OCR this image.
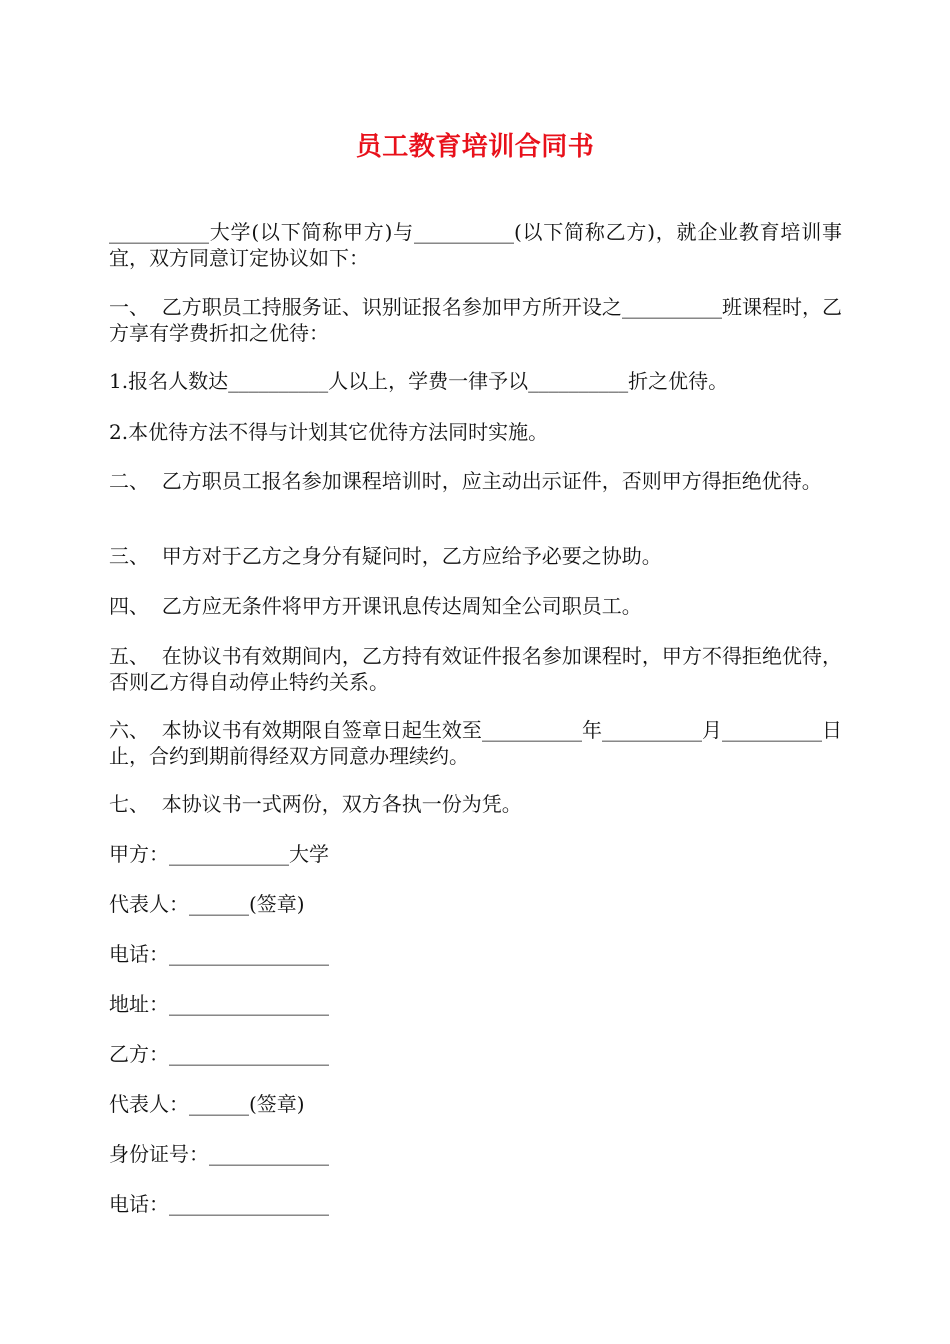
员工教育培训合同书
__________大学(以下简称甲方)与__________(以下简称乙方)，就企业教育培训事宜，双方同意订定协议如下：
一、  乙方职员工持服务证、识别证报名参加甲方所开设之__________班课程时，乙方享有学费折扣之优待：
1.报名人数达__________人以上，学费一律予以__________折之优待。
2.本优待方法不得与计划其它优待方法同时实施。
二、  乙方职员工报名参加课程培训时，应主动出示证件，否则甲方得拒绝优待。
三、  甲方对于乙方之身分有疑问时，乙方应给予必要之协助。
四、  乙方应无条件将甲方开课讯息传达周知全公司职员工。
五、  在协议书有效期间内，乙方持有效证件报名参加课程时，甲方不得拒绝优待，否则乙方得自动停止特约关系。
六、  本协议书有效期限自签章日起生效至__________年__________月__________日止，合约到期前得经双方同意办理续约。
七、  本协议书一式两份，双方各执一份为凭。
甲方：____________大学
代表人：______(签章)
电话：________________
地址：________________
乙方：________________
代表人：______(签章)
身份证号：____________
电话：________________
